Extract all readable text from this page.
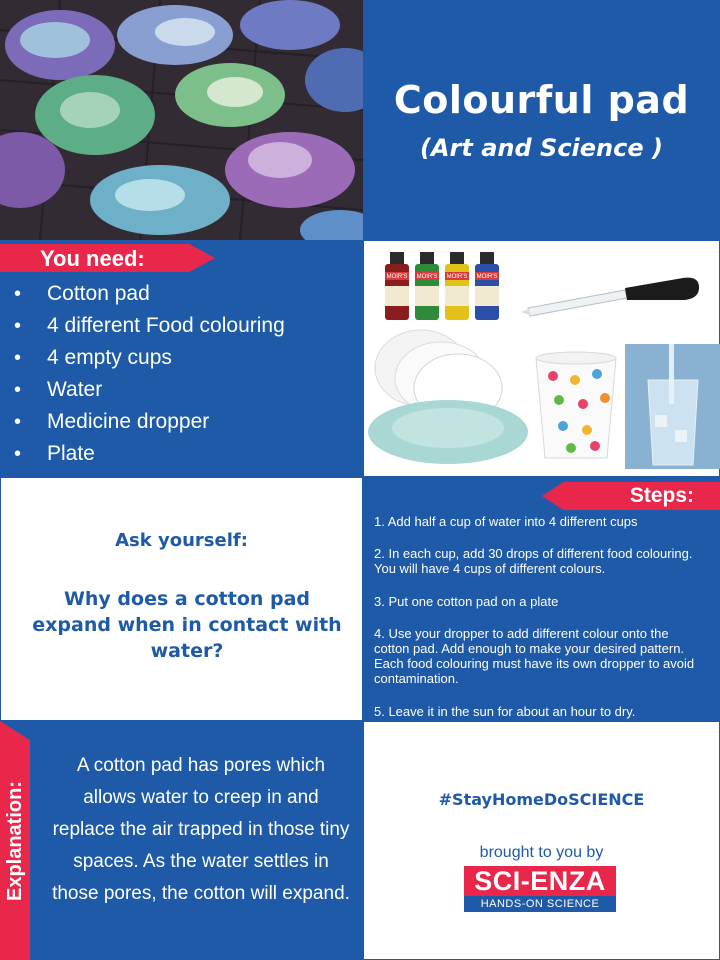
Colourful pad
(Art and Science )
You need:
• Cotton pad
• 4 different Food colouring
• 4 empty cups
• Water
• Medicine dropper
• Plate
MOIR'S MOIR'S MOIR'S MOIR'S
Ask yourself:
Why does a cotton pad expand when in contact with water?
Steps:
1. Add half a cup of water into 4 different cups
2. In each cup, add 30 drops of different food colouring. You will have 4 cups of different colours.
3. Put one cotton pad on a plate
4. Use your dropper to add different colour onto the cotton pad. Add enough to make your desired pattern. Each food colouring must have its own dropper to avoid contamination.
5. Leave it in the sun for about an hour to dry.
Explanation:
A cotton pad has pores which allows water to creep in and replace the air trapped in those tiny spaces. As the water settles in those pores, the cotton will expand.
#StayHomeDoSCIENCE
brought to you by
SCI-ENZA
HANDS-ON SCIENCE
